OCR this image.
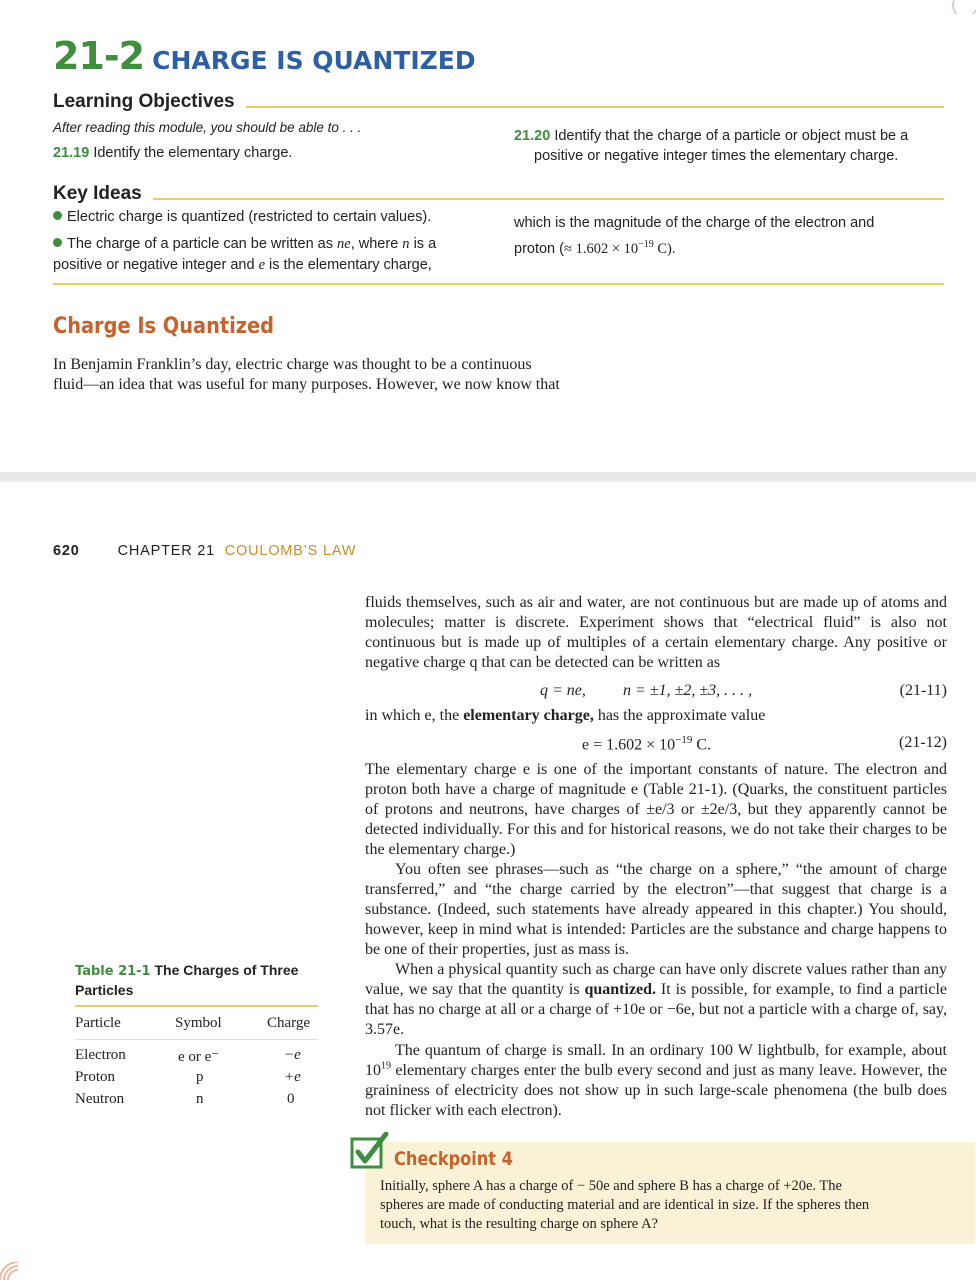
21-2 CHARGE IS QUANTIZED
Learning Objectives
After reading this module, you should be able to . . .
21.19 Identify the elementary charge.
21.20 Identify that the charge of a particle or object must be a
positive or negative integer times the elementary charge.
Key Ideas
Electric charge is quantized (restricted to certain values).
The charge of a particle can be written as ne, where n is a
positive or negative integer and e is the elementary charge,
which is the magnitude of the charge of the electron and
proton (≈ $1.602 \times 10^{-19}$ C).
Charge Is Quantized
In Benjamin Franklin’s day, electric charge was thought to be a continuous
fluid—an idea that was useful for many purposes. However, we now know that
620	CHAPTER 21 COULOMB’S LAW
fluids themselves, such as air and water, are not continuous but are made up of atoms and molecules; matter is discrete. Experiment shows that “electrical fluid” is also not continuous but is made up of multiples of a certain elementary charge. Any positive or negative charge q that can be detected can be written as
q = ne, n = ±1, ±2, ±3, . . . ,	(21-11)
in which e, the elementary charge, has the approximate value
$e = 1.602 \times 10^{-19}$ C.	(21-12)
The elementary charge e is one of the important constants of nature. The electron and proton both have a charge of magnitude e (Table 21-1). (Quarks, the constituent particles of protons and neutrons, have charges of ±e/3 or ±2e/3, but they apparently cannot be detected individually. For this and for historical reasons, we do not take their charges to be the elementary charge.)
You often see phrases—such as “the charge on a sphere,” “the amount of charge transferred,” and “the charge carried by the electron”—that suggest that charge is a substance. (Indeed, such statements have already appeared in this chapter.) You should, however, keep in mind what is intended: Particles are the substance and charge happens to be one of their properties, just as mass is.
When a physical quantity such as charge can have only discrete values rather than any value, we say that the quantity is quantized. It is possible, for example, to find a particle that has no charge at all or a charge of +10e or −6e, but not a particle with a charge of, say, 3.57e.
The quantum of charge is small. In an ordinary 100 W lightbulb, for example, about $10^{19}$ elementary charges enter the bulb every second and just as many leave. However, the graininess of electricity does not show up in such large-scale phenomena (the bulb does not flicker with each electron).
Table 21-1 The Charges of Three
Particles
Particle	Symbol	Charge
Electron	e or e⁻	−e
Proton	p	+e
Neutron	n	0
Checkpoint 4
Initially, sphere A has a charge of − 50e and sphere B has a charge of +20e. The
spheres are made of conducting material and are identical in size. If the spheres then
touch, what is the resulting charge on sphere A?
